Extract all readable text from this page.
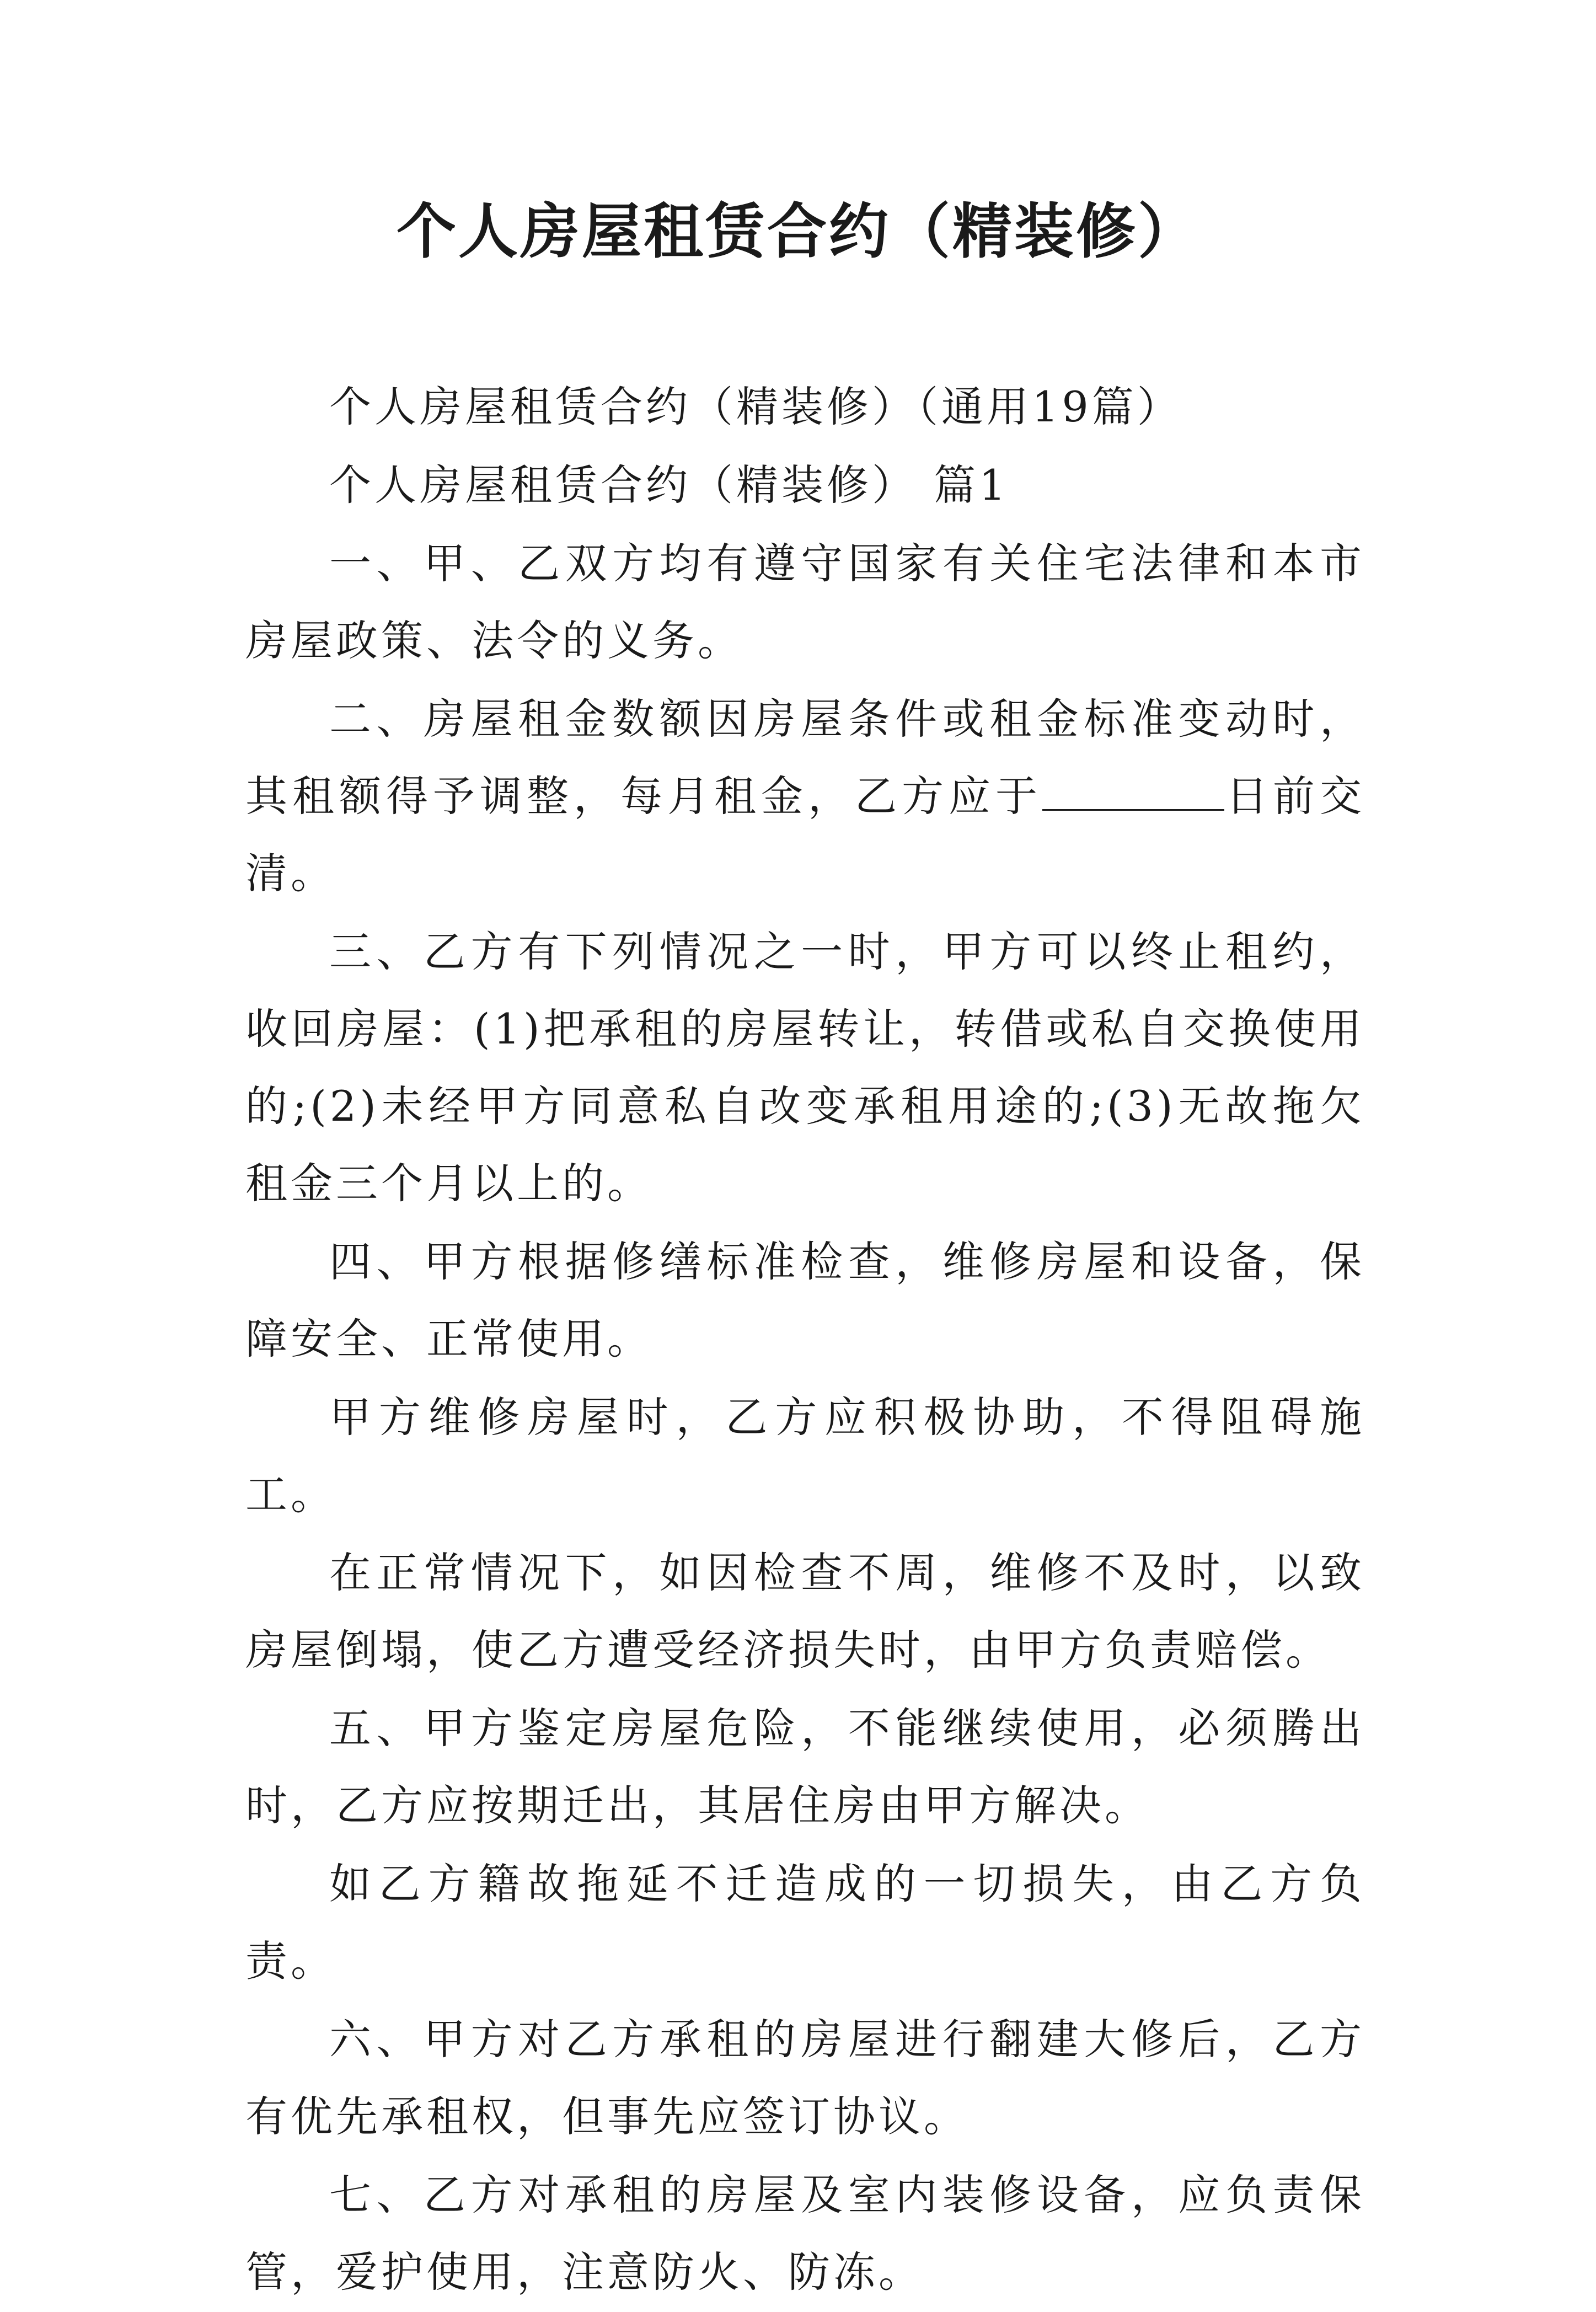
个人房屋租赁合约（精装修）

个人房屋租赁合约（精装修）（通用19篇）

个人房屋租赁合约（精装修） 篇1

一、甲、乙双方均有遵守国家有关住宅法律和本市房屋政策、法令的义务。

二、房屋租金数额因房屋条件或租金标准变动时，其租额得予调整，每月租金，乙方应于	日前交清。

三、乙方有下列情况之一时，甲方可以终止租约，收回房屋：(1)把承租的房屋转让，转借或私自交换使用的;(2)未经甲方同意私自改变承租用途的;(3)无故拖欠租金三个月以上的。

四、甲方根据修缮标准检查，维修房屋和设备，保障安全、正常使用。

甲方维修房屋时，乙方应积极协助，不得阻碍施工。

在正常情况下，如因检查不周，维修不及时，以致房屋倒塌，使乙方遭受经济损失时，由甲方负责赔偿。

五、甲方鉴定房屋危险，不能继续使用，必须腾出时，乙方应按期迁出，其居住房由甲方解决。

如乙方籍故拖延不迁造成的一切损失，由乙方负责。

六、甲方对乙方承租的房屋进行翻建大修后，乙方有优先承租权，但事先应签订协议。

七、乙方对承租的房屋及室内装修设备，应负责保管，爱护使用，注意防火、防冻。
